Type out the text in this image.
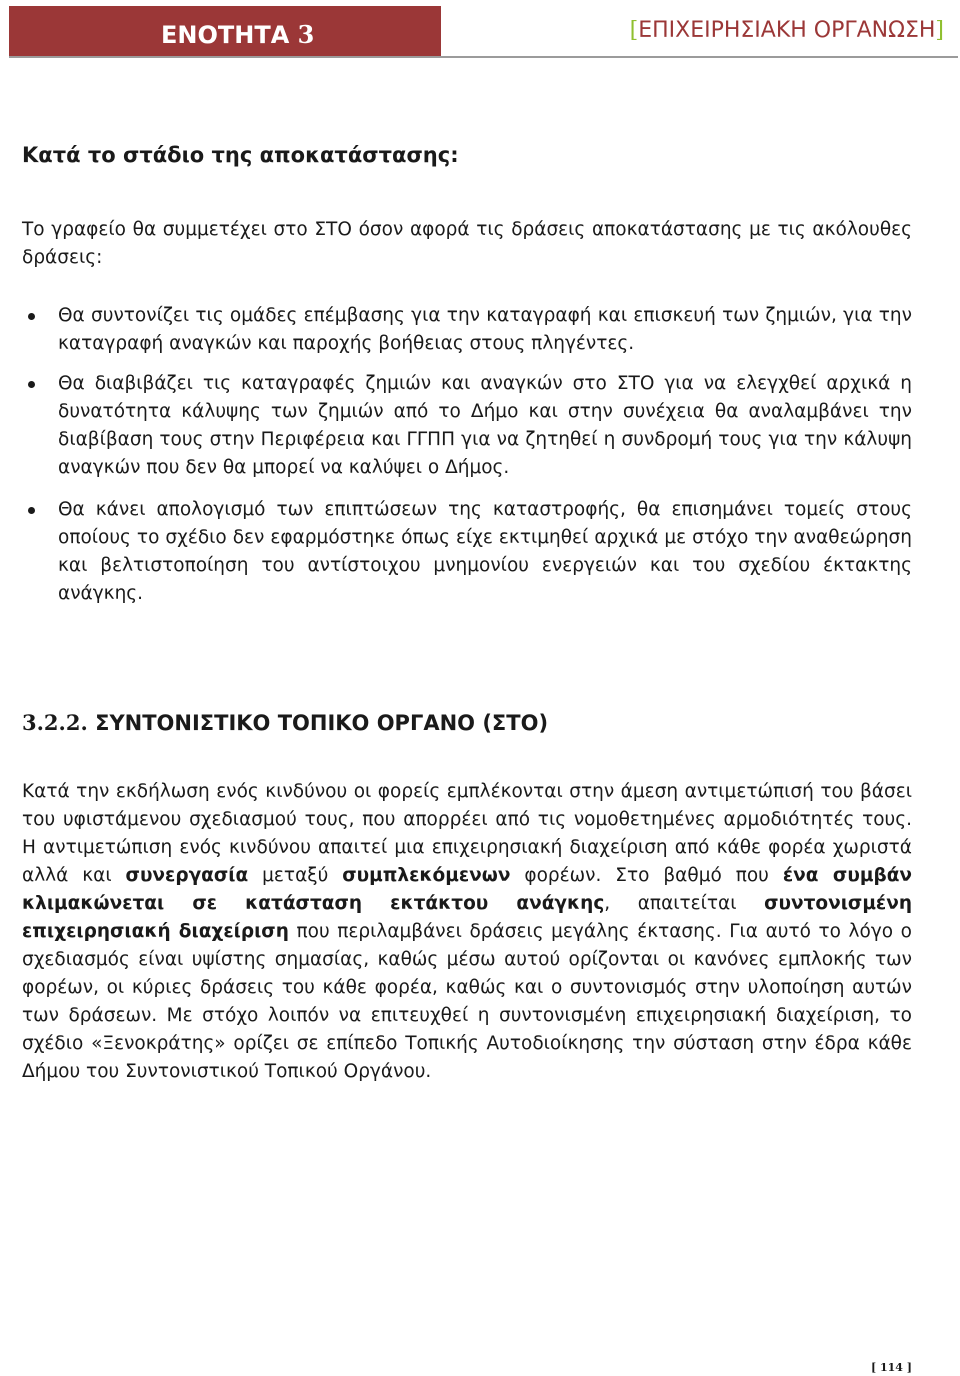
ΕΝΟΤΗΤΑ 3	[ΕΠΙΧΕΙΡΗΣΙΑΚΗ ΟΡΓΑΝΩΣΗ]
Κατά το στάδιο της αποκατάστασης:

Το γραφείο θα συμμετέχει στο ΣΤΟ όσον αφορά τις δράσεις αποκατάστασης με τις ακόλουθες δράσεις:

Θα συντονίζει τις ομάδες επέμβασης για την καταγραφή και επισκευή των ζημιών, για την καταγραφή αναγκών και παροχής βοήθειας στους πληγέντες.
Θα διαβιβάζει τις καταγραφές ζημιών και αναγκών στο ΣΤΟ για να ελεγχθεί αρχικά η δυνατότητα κάλυψης των ζημιών από το Δήμο και στην συνέχεια θα αναλαμβάνει την διαβίβαση τους στην Περιφέρεια και ΓΓΠΠ για να ζητηθεί η συνδρομή τους για την κάλυψη αναγκών που δεν θα μπορεί να καλύψει ο Δήμος.
Θα κάνει απολογισμό των επιπτώσεων της καταστροφής, θα επισημάνει τομείς στους οποίους το σχέδιο δεν εφαρμόστηκε όπως είχε εκτιμηθεί αρχικά με στόχο την αναθεώρηση και βελτιστοποίηση του αντίστοιχου μνημονίου ενεργειών και του σχεδίου έκτακτης ανάγκης.
3.2.2. ΣΥΝΤΟΝΙΣΤΙΚΟ ΤΟΠΙΚΟ ΟΡΓΑΝΟ (ΣΤΟ)

Κατά την εκδήλωση ενός κινδύνου οι φορείς εμπλέκονται στην άμεση αντιμετώπισή του βάσει του υφιστάμενου σχεδιασμού τους, που απορρέει από τις νομοθετημένες αρμοδιότητές τους. Η αντιμετώπιση ενός κινδύνου απαιτεί μια επιχειρησιακή διαχείριση από κάθε φορέα χωριστά αλλά και συνεργασία μεταξύ συμπλεκόμενων φορέων. Στο βαθμό που ένα συμβάν κλιμακώνεται σε κατάσταση εκτάκτου ανάγκης, απαιτείται συντονισμένη επιχειρησιακή διαχείριση που περιλαμβάνει δράσεις μεγάλης έκτασης. Για αυτό το λόγο ο σχεδιασμός είναι υψίστης σημασίας, καθώς μέσω αυτού ορίζονται οι κανόνες εμπλοκής των φορέων, οι κύριες δράσεις του κάθε φορέα, καθώς και ο συντονισμός στην υλοποίηση αυτών των δράσεων. Με στόχο λοιπόν να επιτευχθεί η συντονισμένη επιχειρησιακή διαχείριση, το σχέδιο «Ξενοκράτης» ορίζει σε επίπεδο Τοπικής Αυτοδιοίκησης την σύσταση στην έδρα κάθε Δήμου του Συντονιστικού Τοπικού Οργάνου.

[ 114 ]
